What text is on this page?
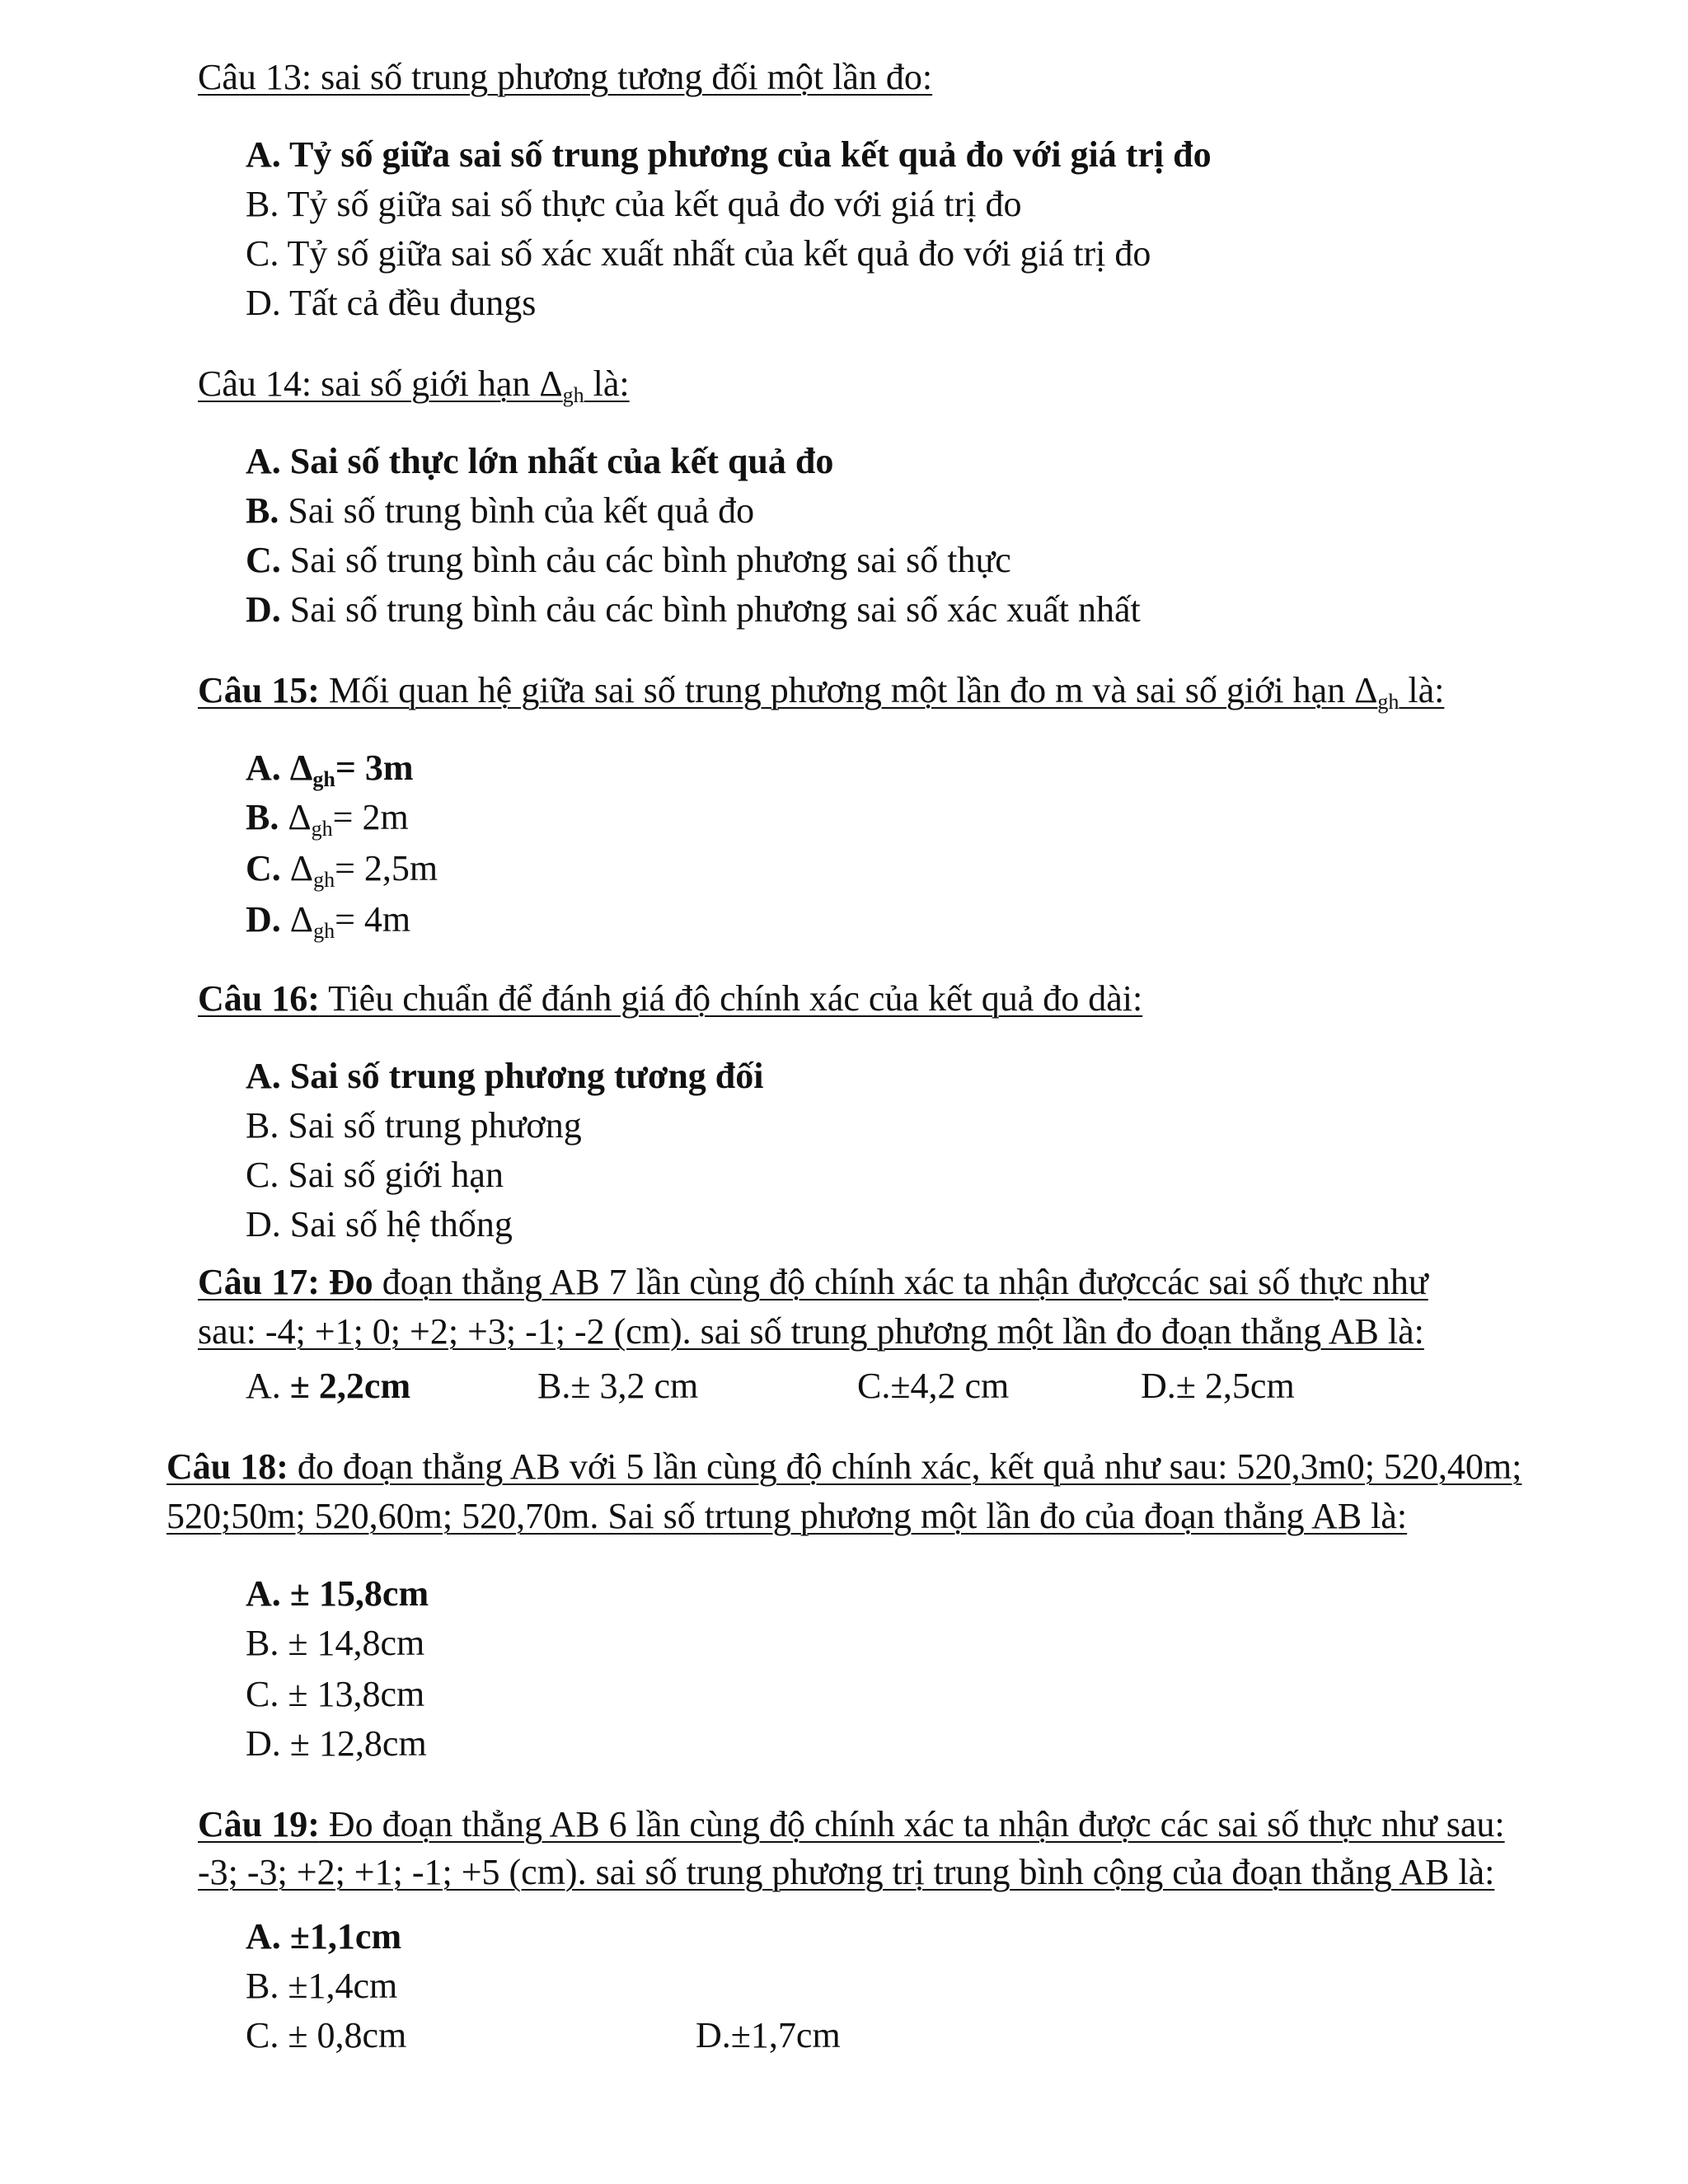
Câu 13: sai số trung phương tương đối một lần đo:
A. Tỷ số giữa sai số trung phương của kết quả đo với giá trị đo
B. Tỷ số giữa sai số thực của kết quả đo với giá trị đo
C. Tỷ số giữa sai số xác xuất nhất của kết quả đo với giá trị đo
D. Tất cả đều đungs
Câu 14: sai số giới hạn $\Delta_{gh}$ là:
A. Sai số thực lớn nhất của kết quả đo
B. Sai số trung bình của kết quả đo
C. Sai số trung bình cảu các bình phương sai số thực
D. Sai số trung bình cảu các bình phương sai số xác xuất nhất
Câu 15: Mối quan hệ giữa sai số trung phương một lần đo m và sai số giới hạn $\Delta_{gh}$ là:
A. $\Delta_{gh}= 3m$
B. $\Delta_{gh}= 2m$
C. $\Delta_{gh}= 2,5m$
D. $\Delta_{gh}= 4m$
Câu 16: Tiêu chuẩn để đánh giá độ chính xác của kết quả đo dài:
A. Sai số trung phương tương đối
B. Sai số trung phương
C. Sai số giới hạn
D. Sai số hệ thống
Câu 17: Đo đoạn thẳng AB 7 lần cùng độ chính xác ta nhận đượccác sai số thực như
sau: -4; +1; 0; +2; +3; -1; -2 (cm). sai số trung phương một lần đo đoạn thẳng AB là:
A. ± 2,2cm	B.± 3,2 cm	C.±4,2 cm	D.± 2,5cm
Câu 18: đo đoạn thẳng AB với 5 lần cùng độ chính xác, kết quả như sau: 520,3m0; 520,40m;
520;50m; 520,60m; 520,70m. Sai số trtung phương một lần đo của đoạn thẳng AB là:
A. ± 15,8cm
B. ± 14,8cm
C. ± 13,8cm
D. ± 12,8cm
Câu 19: Đo đoạn thẳng AB 6 lần cùng độ chính xác ta nhận được các sai số thực như sau:
-3; -3; +2; +1; -1; +5 (cm). sai số trung phương trị trung bình cộng của đoạn thẳng AB là:
A. ±1,1cm
B. ±1,4cm
C. ± 0,8cm	D.±1,7cm
